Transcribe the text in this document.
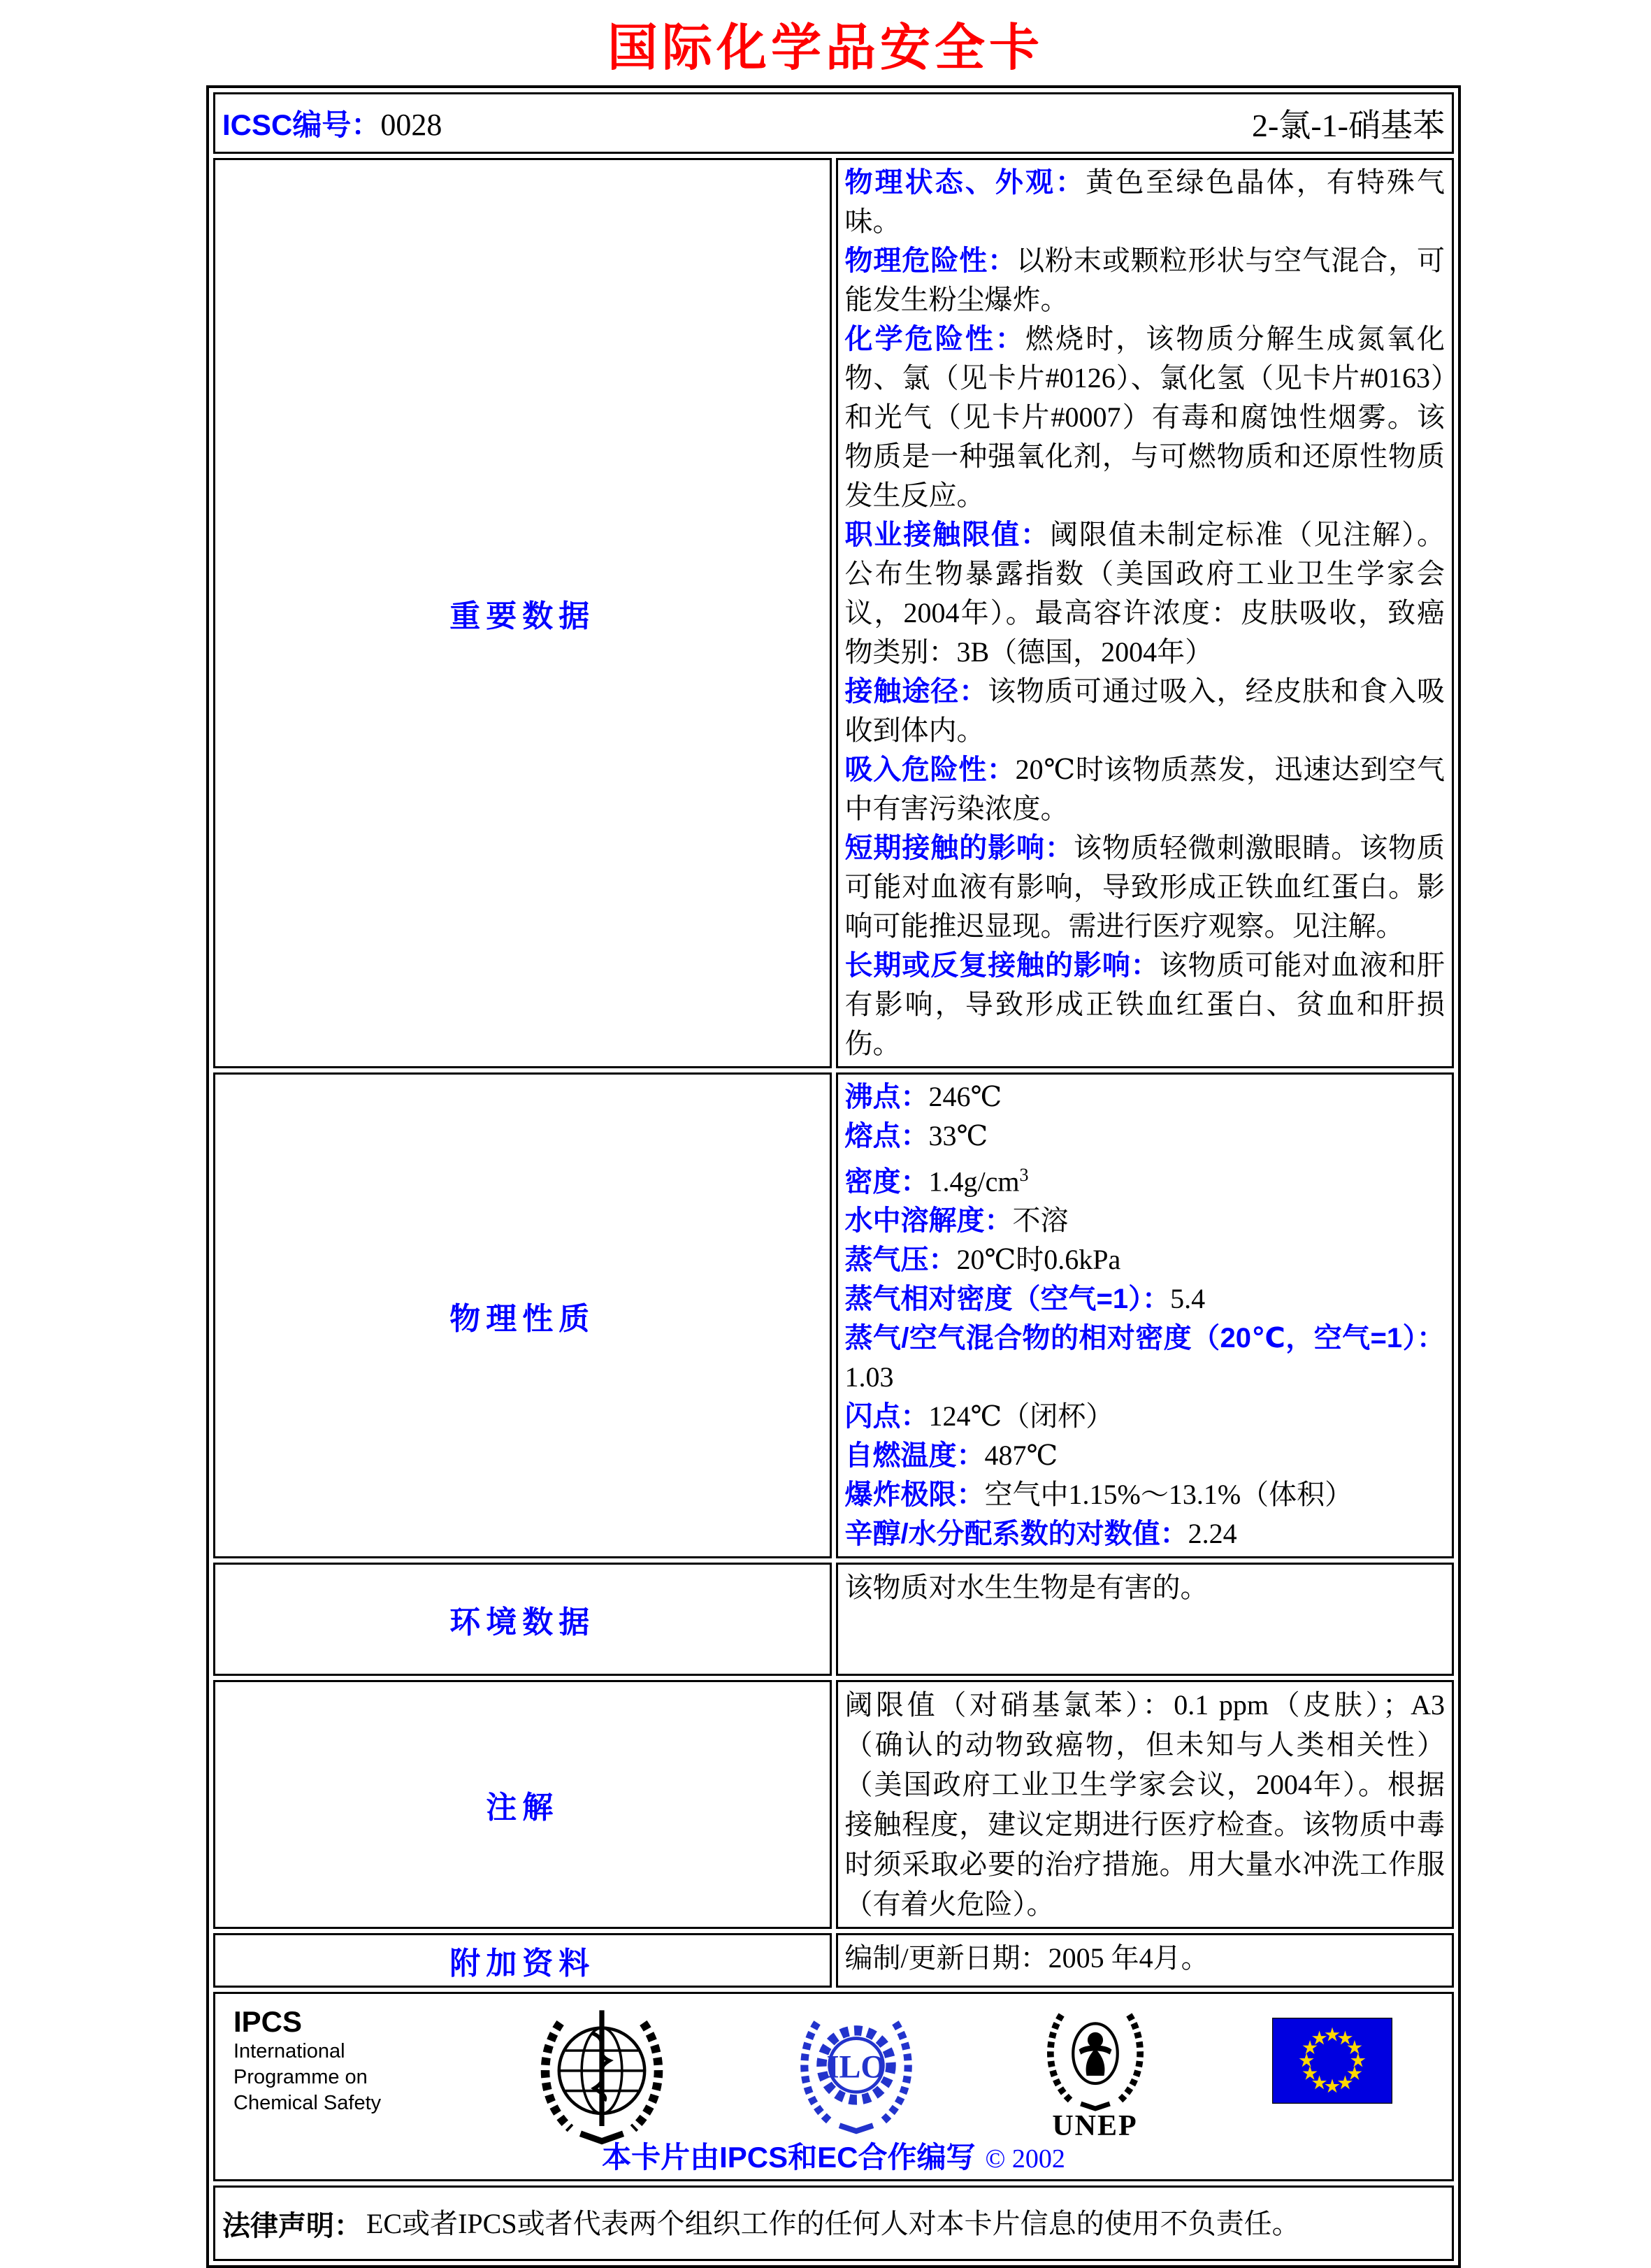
国际化学品安全卡
ICSC编号：0028 2-氯-1-硝基苯	

重要数据	

物理状态、外观：黄色至绿色晶体，有特殊气味。

物理危险性：以粉末或颗粒形状与空气混合，可能发生粉尘爆炸。

化学危险性：燃烧时，该物质分解生成氮氧化物、氯（见卡片#0126）、氯化氢（见卡片#0163）和光气（见卡片#0007）有毒和腐蚀性烟雾。该物质是一种强氧化剂，与可燃物质和还原性物质发生反应。

职业接触限值：阈限值未制定标准（见注解）。公布生物暴露指数（美国政府工业卫生学家会议，2004年）。最高容许浓度：皮肤吸收，致癌物类别：3B（德国，2004年）

接触途径：该物质可通过吸入，经皮肤和食入吸收到体内。

吸入危险性：20℃时该物质蒸发，迅速达到空气中有害污染浓度。

短期接触的影响：该物质轻微刺激眼睛。该物质可能对血液有影响，导致形成正铁血红蛋白。影响可能推迟显现。需进行医疗观察。见注解。

长期或反复接触的影响：该物质可能对血液和肝有影响，导致形成正铁血红蛋白、贫血和肝损伤。

物理性质	

沸点：246℃

熔点：33℃

密度：$1.4g/cm^3$

水中溶解度：不溶

蒸气压：20℃时0.6kPa

蒸气相对密度（空气=1）：5.4

蒸气/空气混合物的相对密度（20℃，空气=1）：1.03

闪点：124℃（闭杯）

自燃温度：487℃

爆炸极限：空气中1.15%～13.1%（体积）

辛醇/水分配系数的对数值：2.24

环境数据	该物质对水生生物是有害的。

注解	阈限值（对硝基氯苯）：0.1 ppm（皮肤）；A3（确认的动物致癌物，但未知与人类相关性）（美国政府工业卫生学家会议，2004年）。根据接触程度，建议定期进行医疗检查。该物质中毒时须采取必要的治疗措施。用大量水冲洗工作服（有着火危险）。

附加资料	编制/更新日期：2005 年4月。

IPCS
International
Programme on
Chemical Safety
ILO
UNEP
本卡片由IPCS和EC合作编写 © 2002

法律声明： EC或者IPCS或者代表两个组织工作的任何人对本卡片信息的使用不负责任。	
